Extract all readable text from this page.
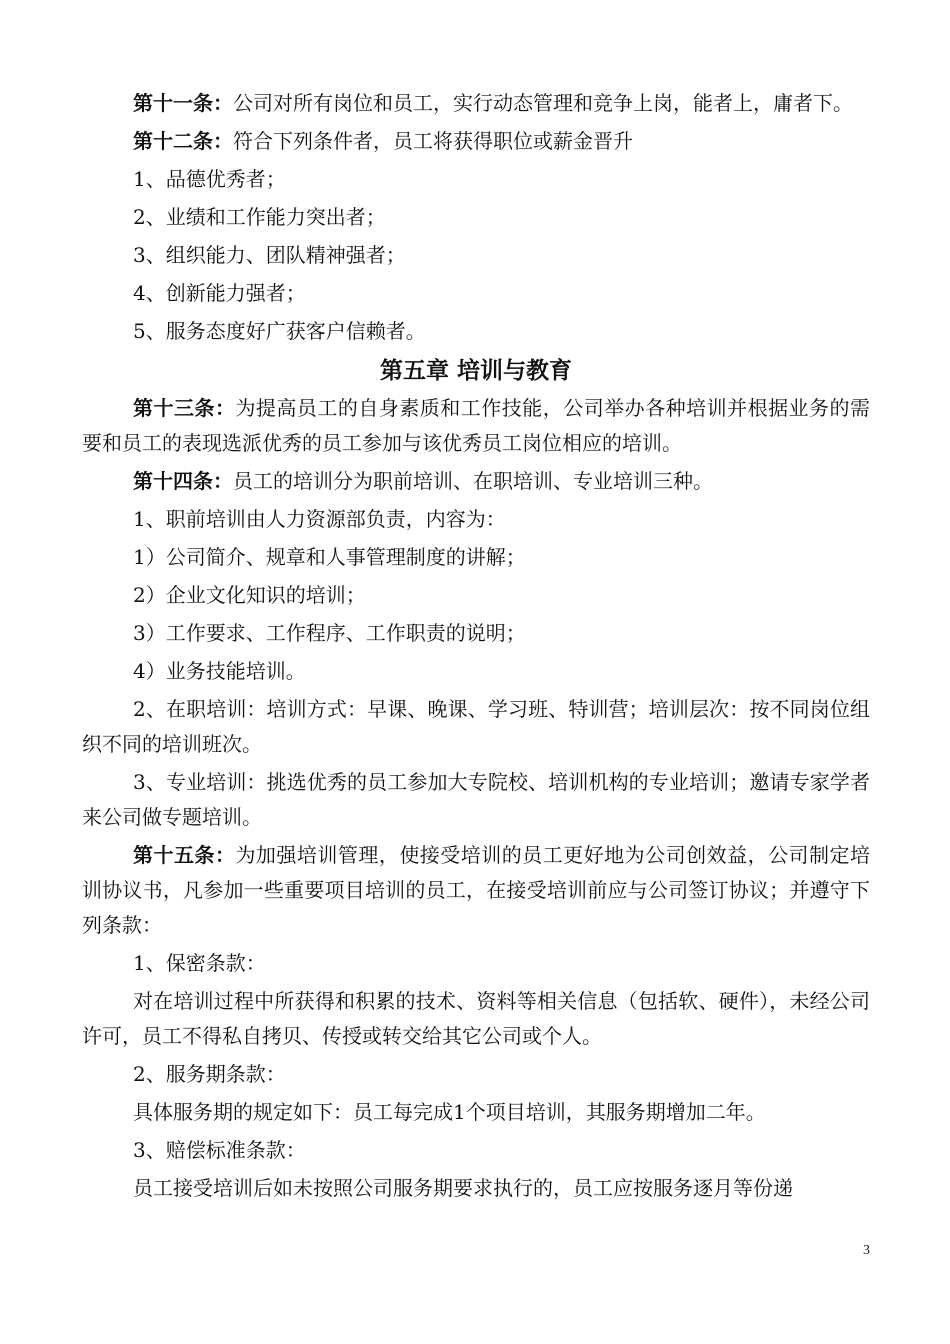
第十一条：公司对所有岗位和员工，实行动态管理和竞争上岗，能者上，庸者下。

第十二条：符合下列条件者，员工将获得职位或薪金晋升

1、品德优秀者；

2、业绩和工作能力突出者；

3、组织能力、团队精神强者；

4、创新能力强者；

5、服务态度好广获客户信赖者。

第五章 培训与教育

第十三条：为提高员工的自身素质和工作技能，公司举办各种培训并根据业务的需要和员工的表现选派优秀的员工参加与该优秀员工岗位相应的培训。

第十四条：员工的培训分为职前培训、在职培训、专业培训三种。

1、职前培训由人力资源部负责，内容为：

1）公司简介、规章和人事管理制度的讲解；

2）企业文化知识的培训；

3）工作要求、工作程序、工作职责的说明；

4）业务技能培训。

2、在职培训：培训方式：早课、晚课、学习班、特训营；培训层次：按不同岗位组织不同的培训班次。

3、专业培训：挑选优秀的员工参加大专院校、培训机构的专业培训；邀请专家学者来公司做专题培训。

第十五条：为加强培训管理，使接受培训的员工更好地为公司创效益，公司制定培训协议书，凡参加一些重要项目培训的员工，在接受培训前应与公司签订协议；并遵守下列条款：

1、保密条款：

对在培训过程中所获得和积累的技术、资料等相关信息（包括软、硬件），未经公司许可，员工不得私自拷贝、传授或转交给其它公司或个人。

2、服务期条款：

具体服务期的规定如下：员工每完成1个项目培训，其服务期增加二年。

3、赔偿标准条款：

员工接受培训后如未按照公司服务期要求执行的，员工应按服务逐月等份递

3
